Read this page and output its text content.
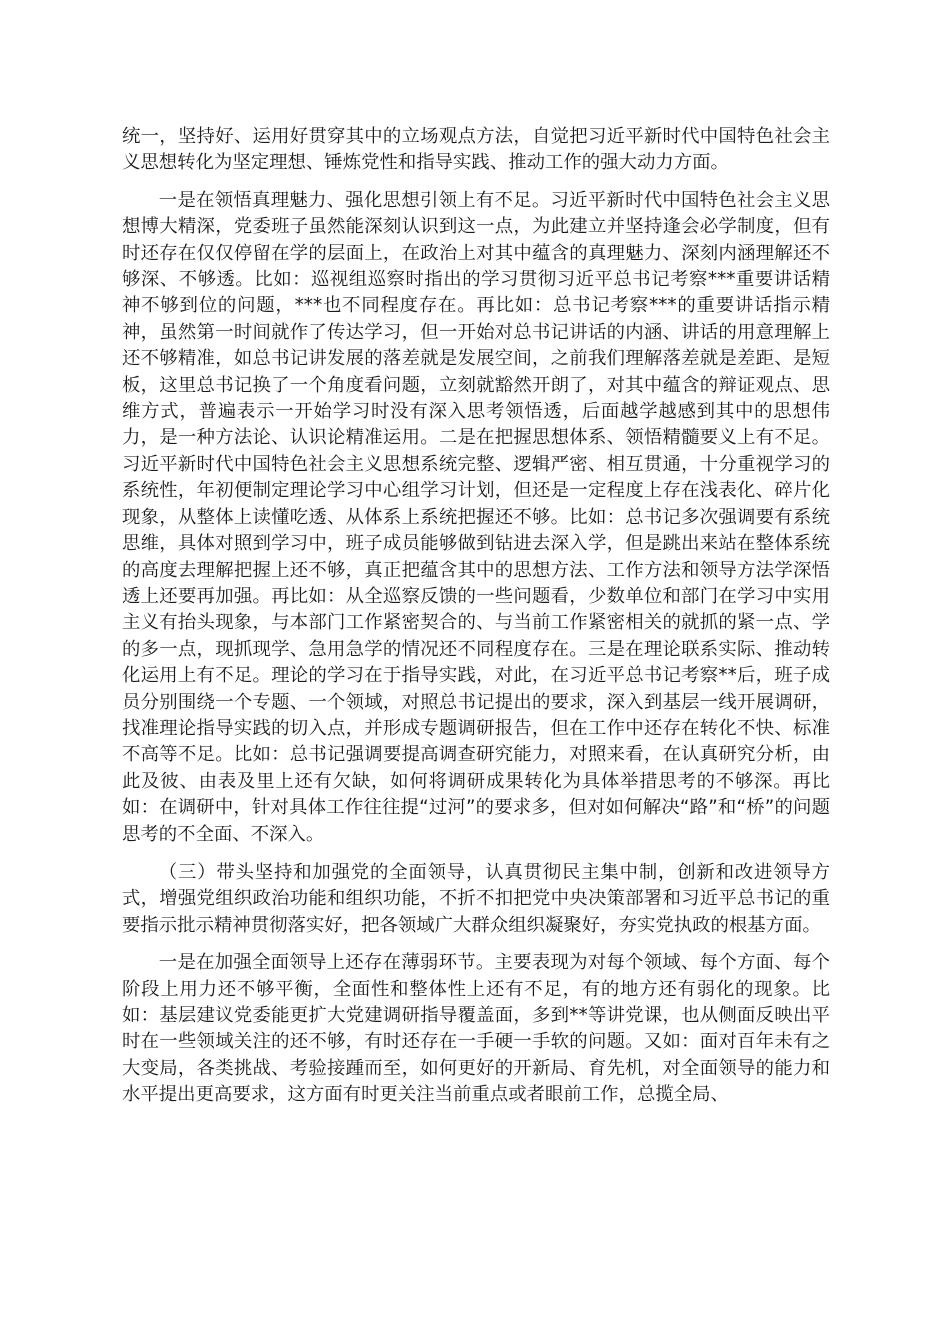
统一，坚持好、运用好贯穿其中的立场观点方法，自觉把习近平新时代中国特色社会主义思想转化为坚定理想、锤炼党性和指导实践、推动工作的强大动力方面。

一是在领悟真理魅力、强化思想引领上有不足。习近平新时代中国特色社会主义思想博大精深，党委班子虽然能深刻认识到这一点，为此建立并坚持逢会必学制度，但有时还存在仅仅停留在学的层面上，在政治上对其中蕴含的真理魅力、深刻内涵理解还不够深、不够透。比如：巡视组巡察时指出的学习贯彻习近平总书记考察***重要讲话精神不够到位的问题，***也不同程度存在。再比如：总书记考察***的重要讲话指示精神，虽然第一时间就作了传达学习，但一开始对总书记讲话的内涵、讲话的用意理解上还不够精准，如总书记讲发展的落差就是发展空间，之前我们理解落差就是差距、是短板，这里总书记换了一个角度看问题，立刻就豁然开朗了，对其中蕴含的辩证观点、思维方式，普遍表示一开始学习时没有深入思考领悟透，后面越学越感到其中的思想伟力，是一种方法论、认识论精准运用。二是在把握思想体系、领悟精髓要义上有不足。习近平新时代中国特色社会主义思想系统完整、逻辑严密、相互贯通，十分重视学习的系统性，年初便制定理论学习中心组学习计划，但还是一定程度上存在浅表化、碎片化现象，从整体上读懂吃透、从体系上系统把握还不够。比如：总书记多次强调要有系统思维，具体对照到学习中，班子成员能够做到钻进去深入学，但是跳出来站在整体系统的高度去理解把握上还不够，真正把蕴含其中的思想方法、工作方法和领导方法学深悟透上还要再加强。再比如：从全巡察反馈的一些问题看，少数单位和部门在学习中实用主义有抬头现象，与本部门工作紧密契合的、与当前工作紧密相关的就抓的紧一点、学的多一点，现抓现学、急用急学的情况还不同程度存在。三是在理论联系实际、推动转化运用上有不足。理论的学习在于指导实践，对此，在习近平总书记考察**后，班子成员分别围绕一个专题、一个领域，对照总书记提出的要求，深入到基层一线开展调研，找准理论指导实践的切入点，并形成专题调研报告，但在工作中还存在转化不快、标准不高等不足。比如：总书记强调要提高调查研究能力，对照来看，在认真研究分析，由此及彼、由表及里上还有欠缺，如何将调研成果转化为具体举措思考的不够深。再比如：在调研中，针对具体工作往往提“过河”的要求多，但对如何解决“路”和“桥”的问题思考的不全面、不深入。

（三）带头坚持和加强党的全面领导，认真贯彻民主集中制，创新和改进领导方式，增强党组织政治功能和组织功能，不折不扣把党中央决策部署和习近平总书记的重要指示批示精神贯彻落实好，把各领域广大群众组织凝聚好，夯实党执政的根基方面。

一是在加强全面领导上还存在薄弱环节。主要表现为对每个领域、每个方面、每个阶段上用力还不够平衡，全面性和整体性上还有不足，有的地方还有弱化的现象。比如：基层建议党委能更扩大党建调研指导覆盖面，多到**等讲党课，也从侧面反映出平时在一些领域关注的还不够，有时还存在一手硬一手软的问题。又如：面对百年未有之大变局，各类挑战、考验接踵而至，如何更好的开新局、育先机，对全面领导的能力和水平提出更高要求，这方面有时更关注当前重点或者眼前工作，总揽全局、
